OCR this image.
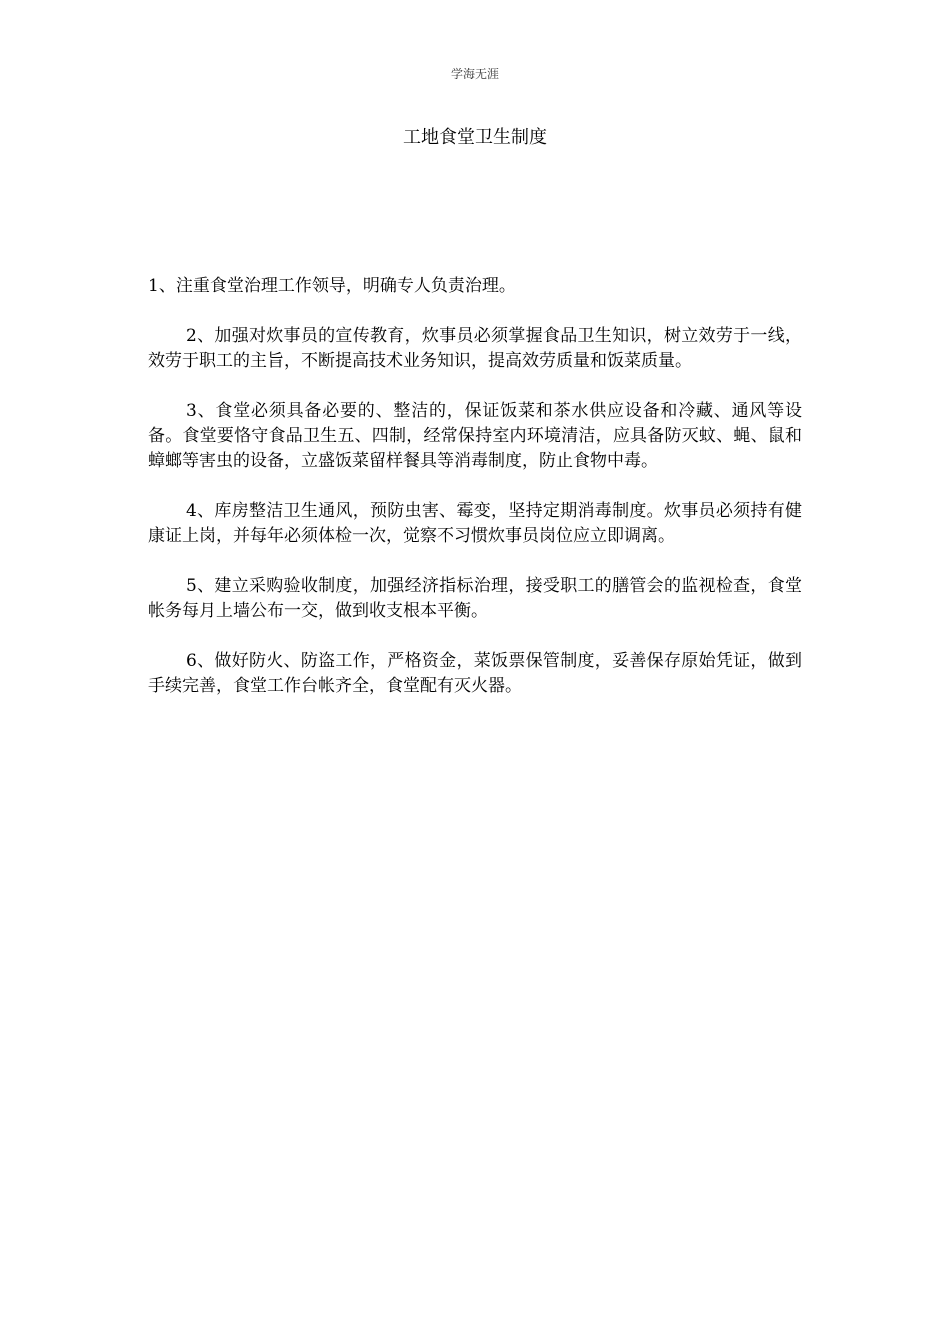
学海无涯
工地食堂卫生制度

1、注重食堂治理工作领导，明确专人负责治理。

2、加强对炊事员的宣传教育，炊事员必须掌握食品卫生知识，树立效劳于一线，效劳于职工的主旨，不断提高技术业务知识，提高效劳质量和饭菜质量。

3、食堂必须具备必要的、整洁的，保证饭菜和茶水供应设备和冷藏、通风等设备。食堂要恪守食品卫生五、四制，经常保持室内环境清洁，应具备防灭蚊、蝇、鼠和蟑螂等害虫的设备，立盛饭菜留样餐具等消毒制度，防止食物中毒。

4、库房整洁卫生通风，预防虫害、霉变，坚持定期消毒制度。炊事员必须持有健康证上岗，并每年必须体检一次，觉察不习惯炊事员岗位应立即调离。

5、建立采购验收制度，加强经济指标治理，接受职工的膳管会的监视检查，食堂帐务每月上墙公布一交，做到收支根本平衡。

6、做好防火、防盗工作，严格资金，菜饭票保管制度，妥善保存原始凭证，做到手续完善，食堂工作台帐齐全，食堂配有灭火器。
